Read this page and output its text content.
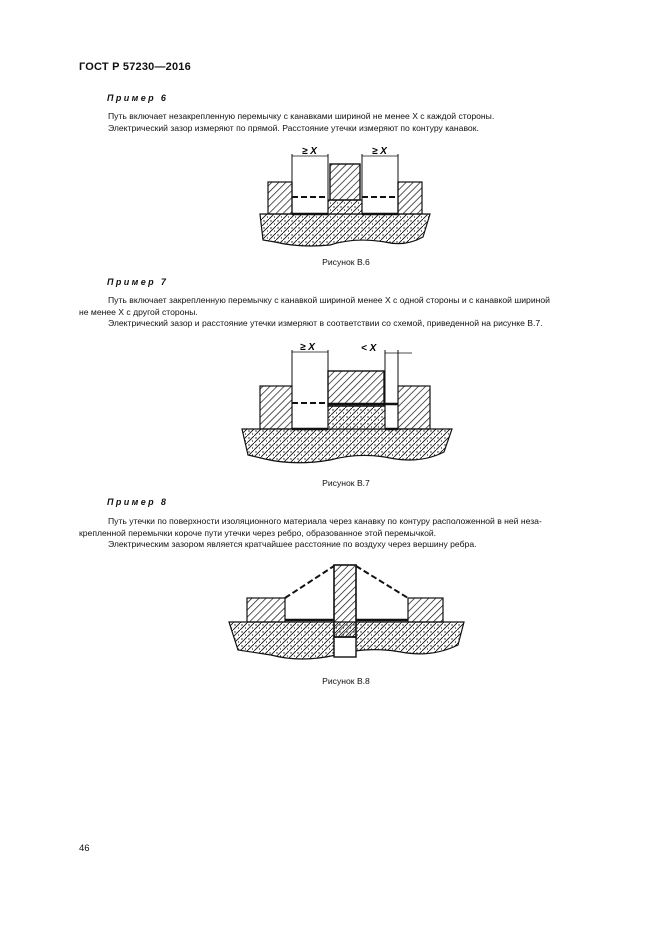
ГОСТ Р 57230—2016
Пример 6
Путь включает незакрепленную перемычку с канавками шириной не менее X с каждой стороны.
Электрический зазор измеряют по прямой. Расстояние утечки измеряют по контуру канавок.
≥ X	≥ X
Рисунок В.6
Пример 7
Путь включает закрепленную перемычку с канавкой шириной менее X с одной стороны и с канавкой шириной
не менее X с другой стороны.
Электрический зазор и расстояние утечки измеряют в соответствии со схемой, приведенной на рисунке В.7.
≥ X	< X
Рисунок В.7
Пример 8
Путь утечки по поверхности изоляционного материала через канавку по контуру расположенной в ней неза-
крепленной перемычки короче пути утечки через ребро, образованное этой перемычкой.
Электрическим зазором является кратчайшее расстояние по воздуху через вершину ребра.
Рисунок В.8
46
